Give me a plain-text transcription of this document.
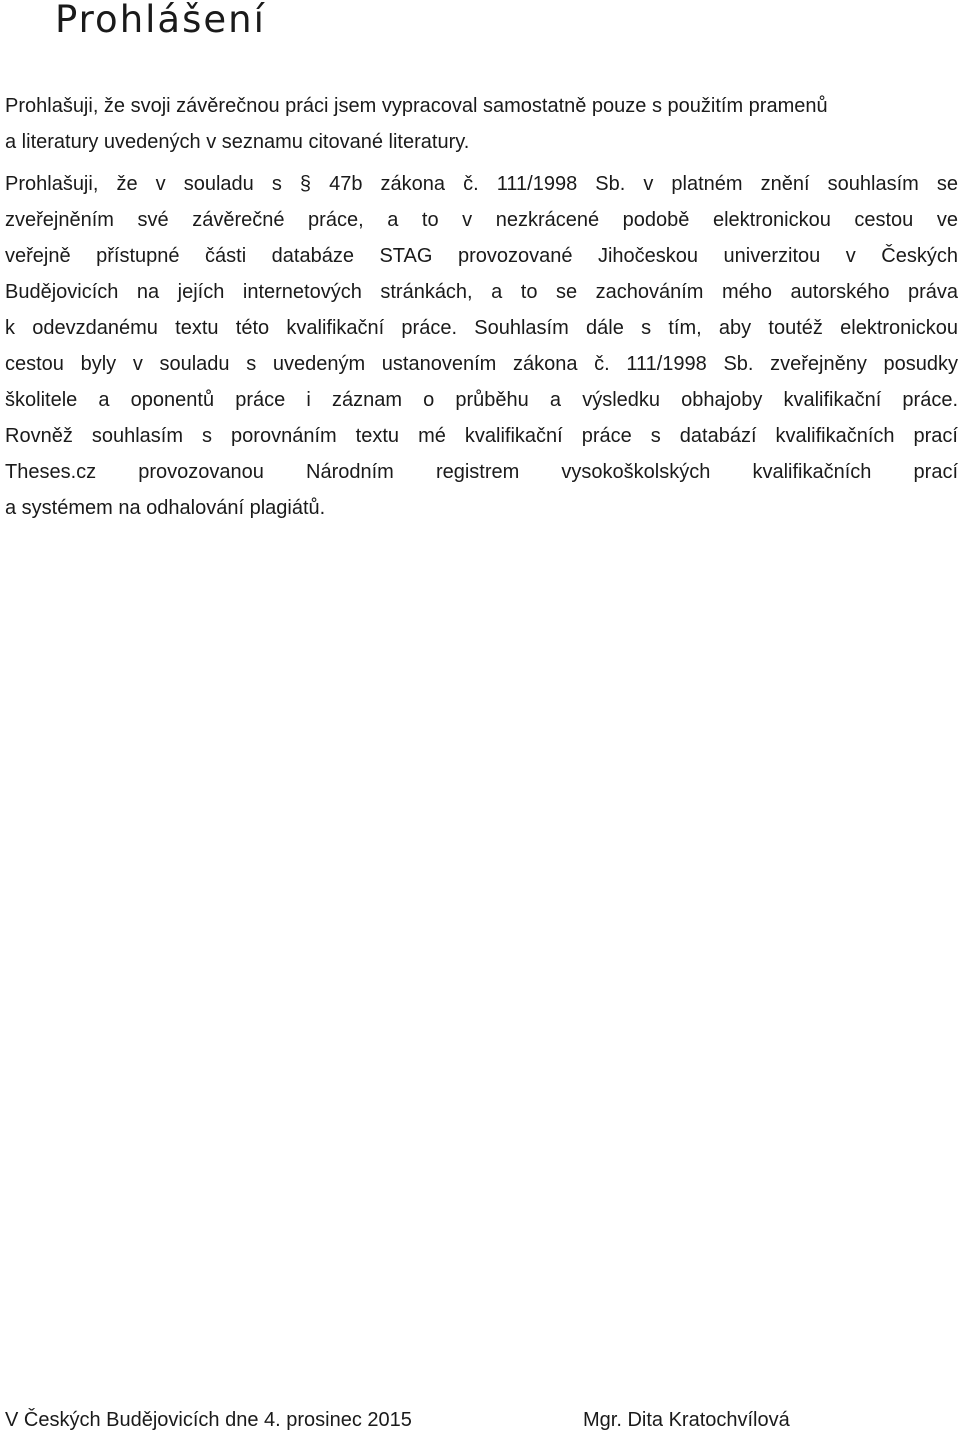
Prohlášení

Prohlašuji, že svoji závěrečnou práci jsem vypracoval samostatně pouze s použitím pramenů
a literatury uvedených v seznamu citované literatury.

Prohlašuji, že v souladu s § 47b zákona č. 111/1998 Sb. v platném znění souhlasím se
zveřejněním své závěrečné práce, a to v nezkrácené podobě elektronickou cestou ve
veřejně přístupné části databáze STAG provozované Jihočeskou univerzitou v Českých
Budějovicích na jejích internetových stránkách, a to se zachováním mého autorského práva
k odevzdanému textu této kvalifikační práce. Souhlasím dále s tím, aby toutéž elektronickou
cestou byly v souladu s uvedeným ustanovením zákona č. 111/1998 Sb. zveřejněny posudky
školitele a oponentů práce i záznam o průběhu a výsledku obhajoby kvalifikační práce.
Rovněž souhlasím s porovnáním textu mé kvalifikační práce s databází kvalifikačních prací
Theses.cz provozovanou Národním registrem vysokoškolských kvalifikačních prací
a systémem na odhalování plagiátů.

V Českých Budějovicích dne 4. prosinec 2015	Mgr. Dita Kratochvílová
